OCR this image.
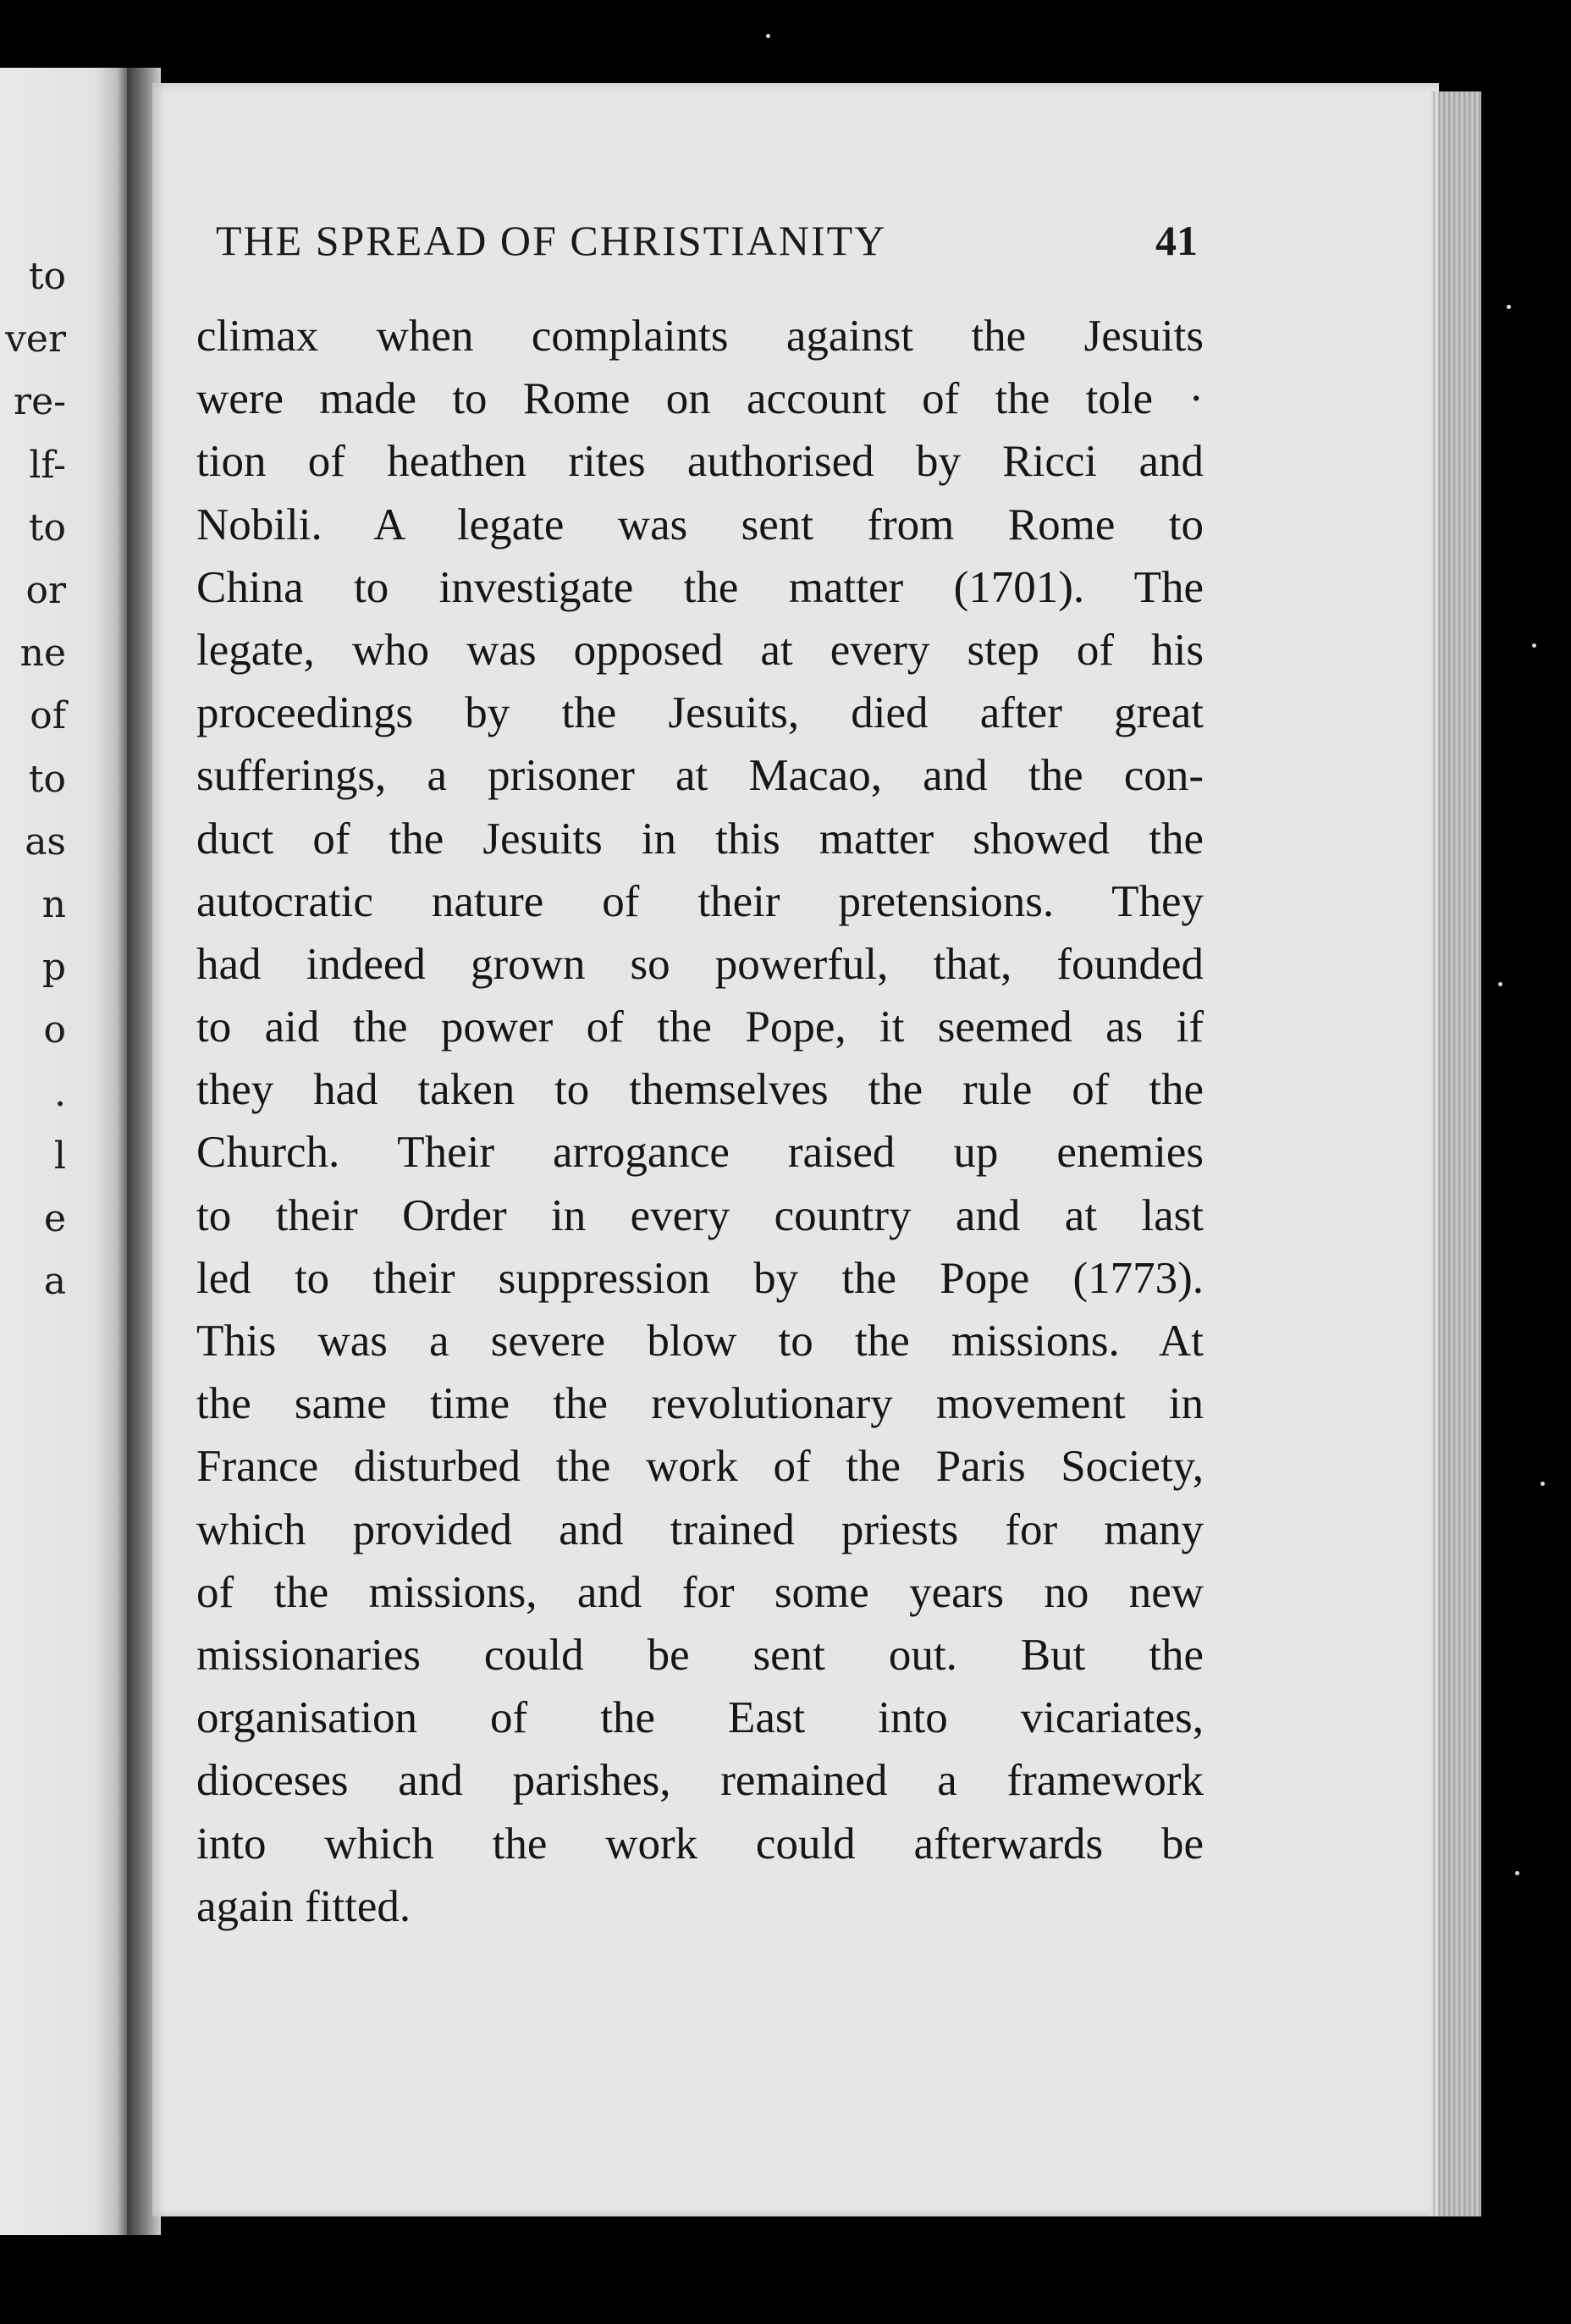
to
ver
re-
lf-
to
or
ne
of
to
as
n
p
o
.
l
e
a
THE SPREAD OF CHRISTIANITY	41
climax when complaints against the Jesuits
were made to Rome on account of the tole ·
tion of heathen rites authorised by Ricci and
Nobili. A legate was sent from Rome to
China to investigate the matter (1701). The
legate, who was opposed at every step of his
proceedings by the Jesuits, died after great
sufferings, a prisoner at Macao, and the con-
duct of the Jesuits in this matter showed the
autocratic nature of their pretensions. They
had indeed grown so powerful, that, founded
to aid the power of the Pope, it seemed as if
they had taken to themselves the rule of the
Church. Their arrogance raised up enemies
to their Order in every country and at last
led to their suppression by the Pope (1773).
This was a severe blow to the missions. At
the same time the revolutionary movement in
France disturbed the work of the Paris Society,
which provided and trained priests for many
of the missions, and for some years no new
missionaries could be sent out. But the
organisation of the East into vicariates,
dioceses and parishes, remained a framework
into which the work could afterwards be
again fitted.
